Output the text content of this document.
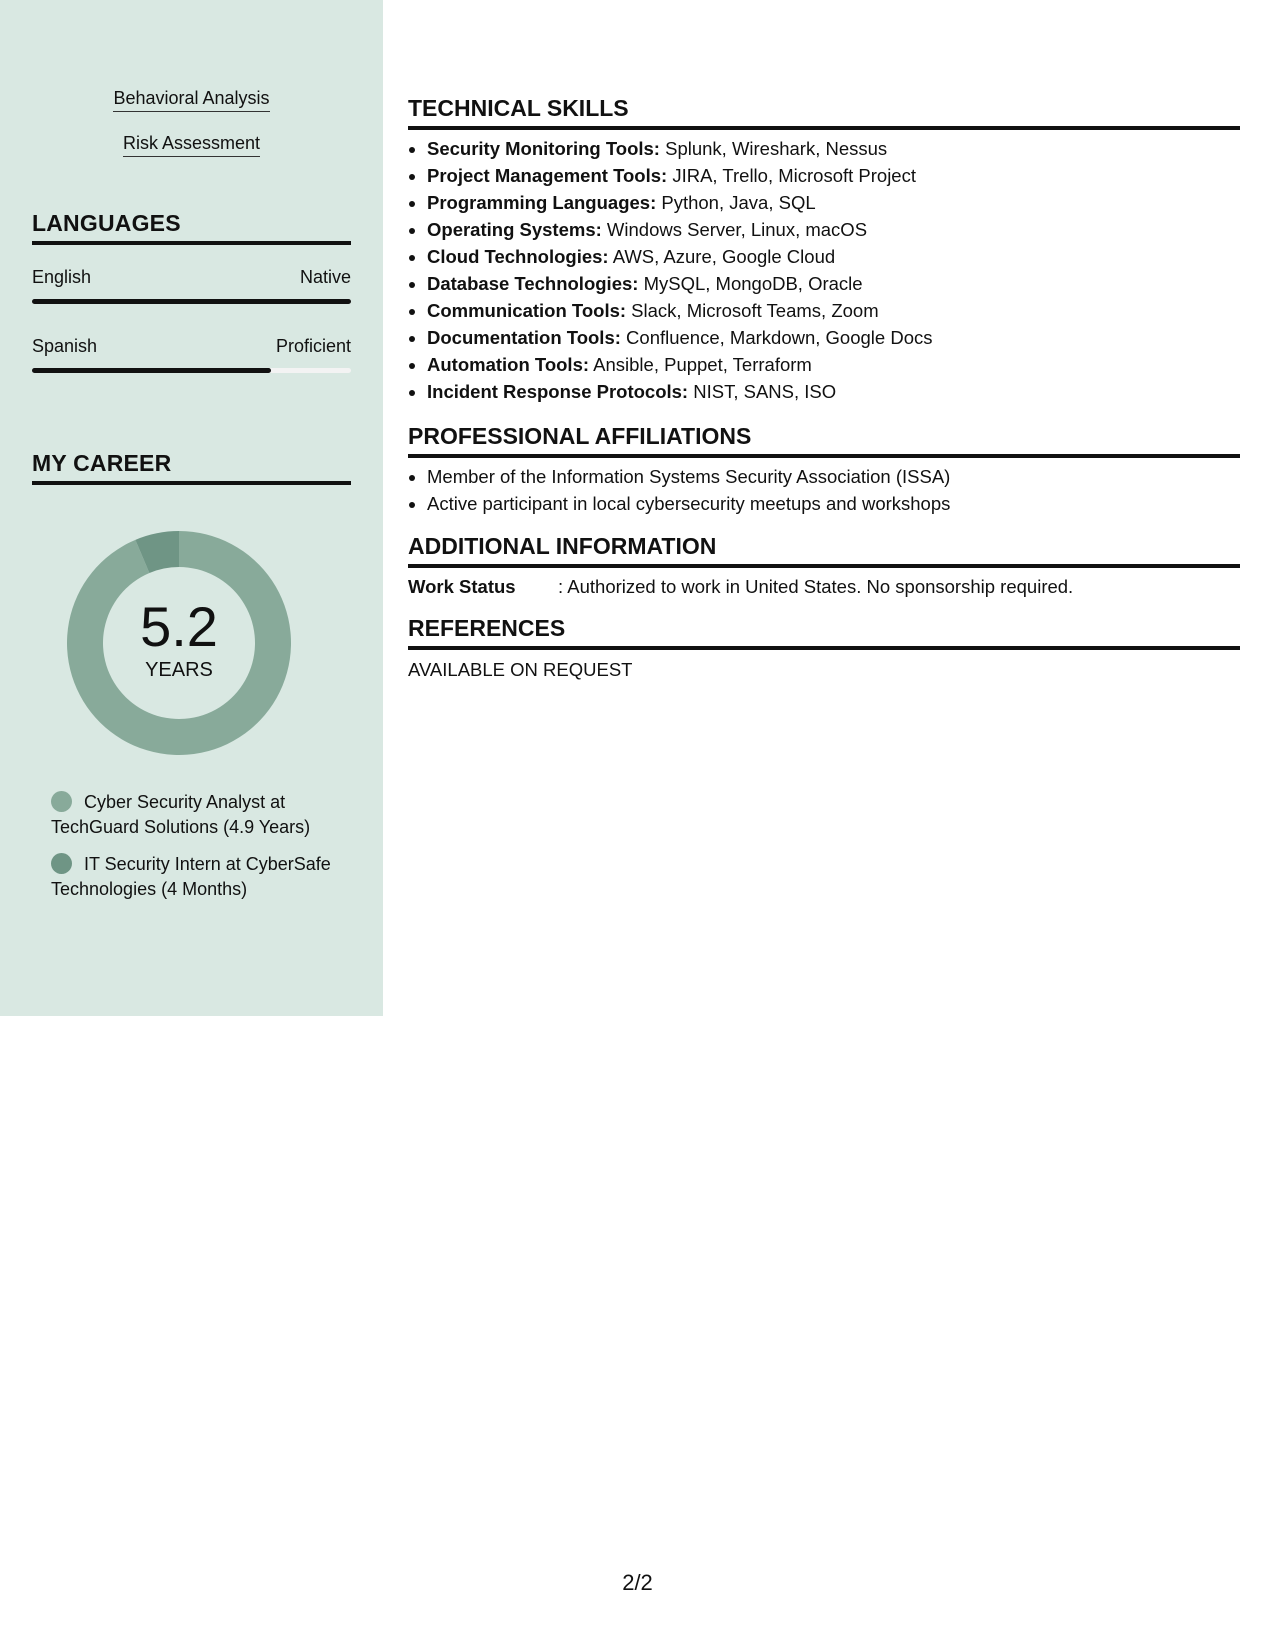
Behavioral Analysis
Risk Assessment
LANGUAGES
English	Native
Spanish	Proficient
MY CAREER
5.2
YEARS
Cyber Security Analyst at TechGuard Solutions (4.9 Years)
IT Security Intern at CyberSafe Technologies (4 Months)
TECHNICAL SKILLS
• Security Monitoring Tools: Splunk, Wireshark, Nessus
• Project Management Tools: JIRA, Trello, Microsoft Project
• Programming Languages: Python, Java, SQL
• Operating Systems: Windows Server, Linux, macOS
• Cloud Technologies: AWS, Azure, Google Cloud
• Database Technologies: MySQL, MongoDB, Oracle
• Communication Tools: Slack, Microsoft Teams, Zoom
• Documentation Tools: Confluence, Markdown, Google Docs
• Automation Tools: Ansible, Puppet, Terraform
• Incident Response Protocols: NIST, SANS, ISO
PROFESSIONAL AFFILIATIONS
• Member of the Information Systems Security Association (ISSA)
• Active participant in local cybersecurity meetups and workshops
ADDITIONAL INFORMATION
Work Status	: Authorized to work in United States. No sponsorship required.
REFERENCES
AVAILABLE ON REQUEST
2/2
